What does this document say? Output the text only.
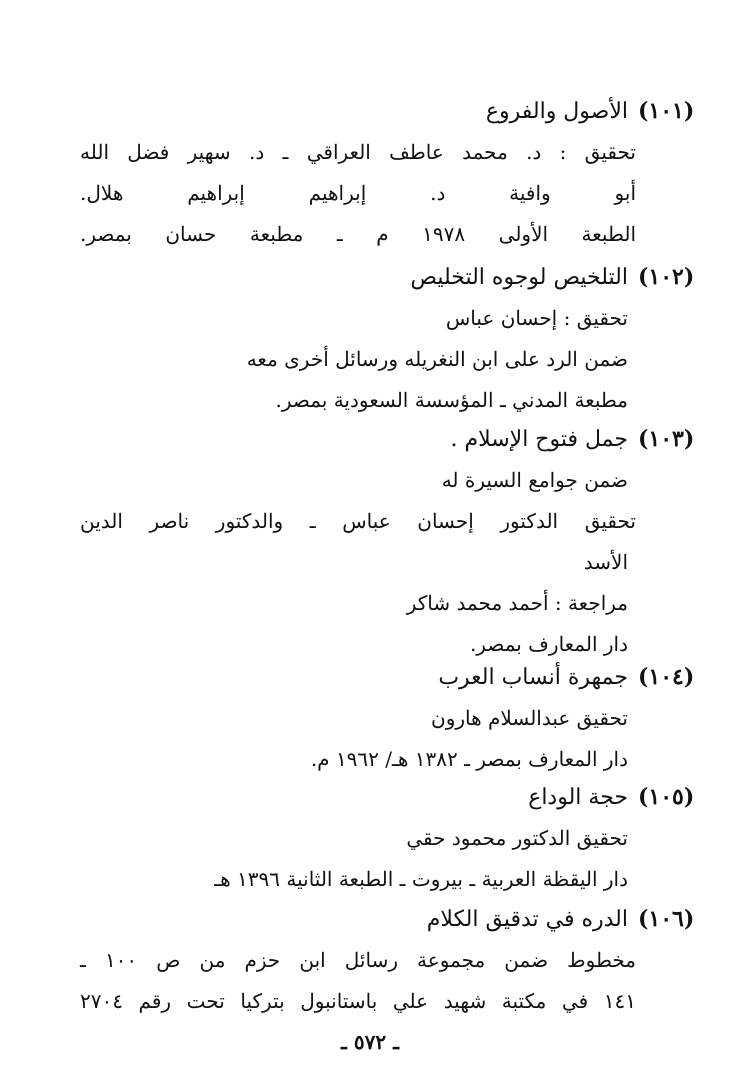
(١٠١)
الأصول والفروع
تحقيق : د. محمد عاطف العراقي ـ د. سهير فضل الله
أبو وافية د. إبراهيم إبراهيم هلال.
الطبعة الأولى ١٩٧٨ م ـ مطبعة حسان بمصر.
(١٠٢)
التلخيص لوجوه التخليص
تحقيق : إحسان عباس
ضمن الرد على ابن النغريله ورسائل أخرى معه
مطبعة المدني ـ المؤسسة السعودية بمصر.
(١٠٣)
جمل فتوح الإسلام .
ضمن جوامع السيرة له
تحقيق الدكتور إحسان عباس ـ والدكتور ناصر الدين
الأسد
مراجعة : أحمد محمد شاكر
دار المعارف بمصر.
(١٠٤)
جمهرة أنساب العرب
تحقيق عبدالسلام هارون
دار المعارف بمصر ـ ١٣٨٢ هـ/ ١٩٦٢ م.
(١٠٥)
حجة الوداع
تحقيق الدكتور محمود حقي
دار اليقظة العربية ـ بيروت ـ الطبعة الثانية ١٣٩٦ هـ
(١٠٦)
الدره في تدقيق الكلام
مخطوط ضمن مجموعة رسائل ابن حزم من ص ١٠٠ ـ
١٤١ في مكتبة شهيد علي باستانبول بتركيا تحت رقم ٢٧٠٤
ـ ٥٧٢ ـ
